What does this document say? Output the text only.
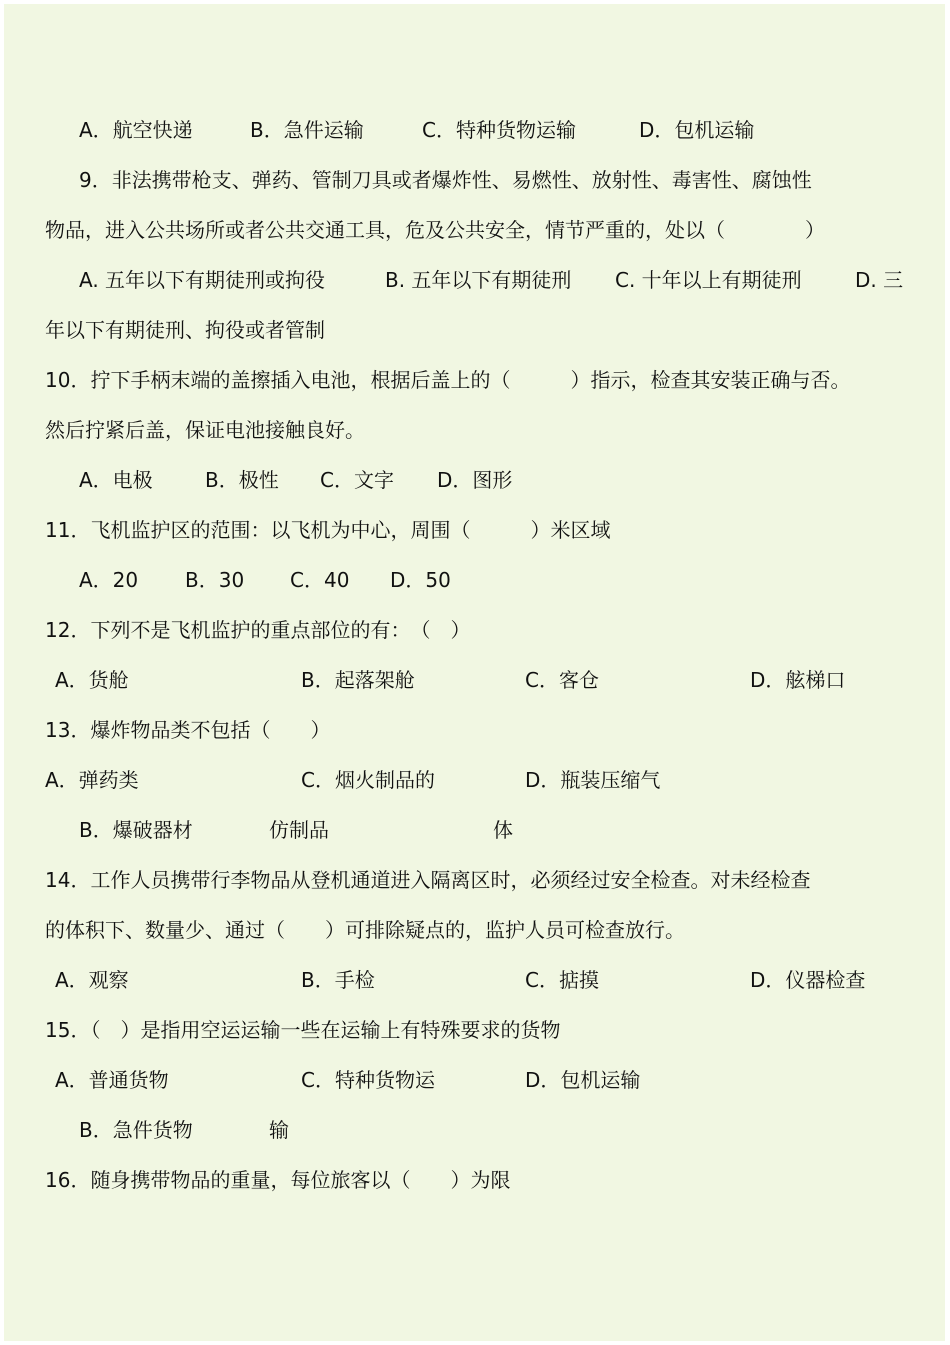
A．航空快递	B．急件运输	C．特种货物运输	D．包机运输
9．非法携带枪支、弹药、管制刀具或者爆炸性、易燃性、放射性、毒害性、腐蚀性
物品，进入公共场所或者公共交通工具，危及公共安全，情节严重的，处以（　　　　）
A. 五年以下有期徒刑或拘役	B. 五年以下有期徒刑 C. 十年以上有期徒刑	D. 三
年以下有期徒刑、拘役或者管制
10．拧下手柄末端的盖擦插入电池，根据后盖上的（　　　）指示，检查其安装正确与否。
然后拧紧后盖，保证电池接触良好。
A．电极	B．极性 C．文字 D．图形
11．飞机监护区的范围：以飞机为中心，周围（　　　）米区域
A．20 B．30 C．40 D．50
12．下列不是飞机监护的重点部位的有：　（　）
A．货舱	B．起落架舱	C．客仓	D．舷梯口
13．爆炸物品类不包括（　　）
A．弹药类	C．烟火制品的	D．瓶装压缩气
B．爆破器材	仿制品	体
14．工作人员携带行李物品从登机通道进入隔离区时，必须经过安全检查。对未经检查
的体积下、数量少、通过（　　）可排除疑点的，监护人员可检查放行。
A．观察	B．手检	C．掂摸	D．仪器检查
15．（　）是指用空运运输一些在运输上有特殊要求的货物
A．普通货物	C．特种货物运	D．包机运输
B．急件货物	输
16．随身携带物品的重量，每位旅客以（　　）为限
